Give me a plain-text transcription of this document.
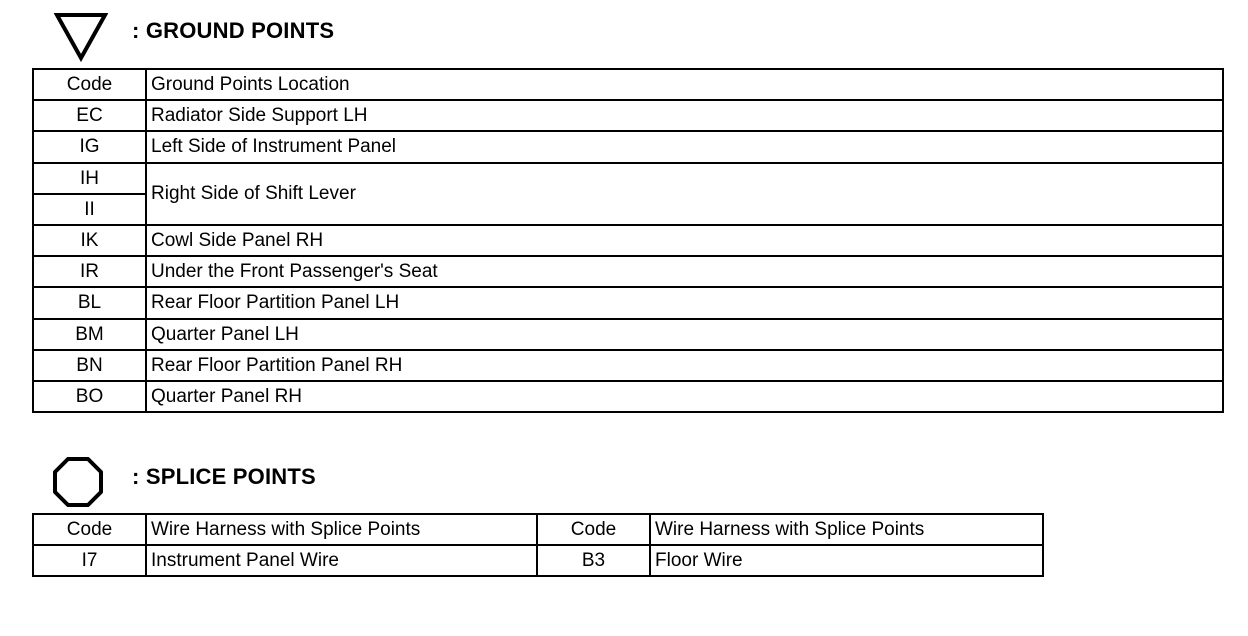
: GROUND POINTS
Code	Ground Points Location
EC	Radiator Side Support LH
IG	Left Side of Instrument Panel
IH	Right Side of Shift Lever
II	
IK	Cowl Side Panel RH
IR	Under the Front Passenger's Seat
BL	Rear Floor Partition Panel LH
BM	Quarter Panel LH
BN	Rear Floor Partition Panel RH
BO	Quarter Panel RH
: SPLICE POINTS
Code	Wire Harness with Splice Points	Code	Wire Harness with Splice Points
I7	Instrument Panel Wire	B3	Floor Wire
